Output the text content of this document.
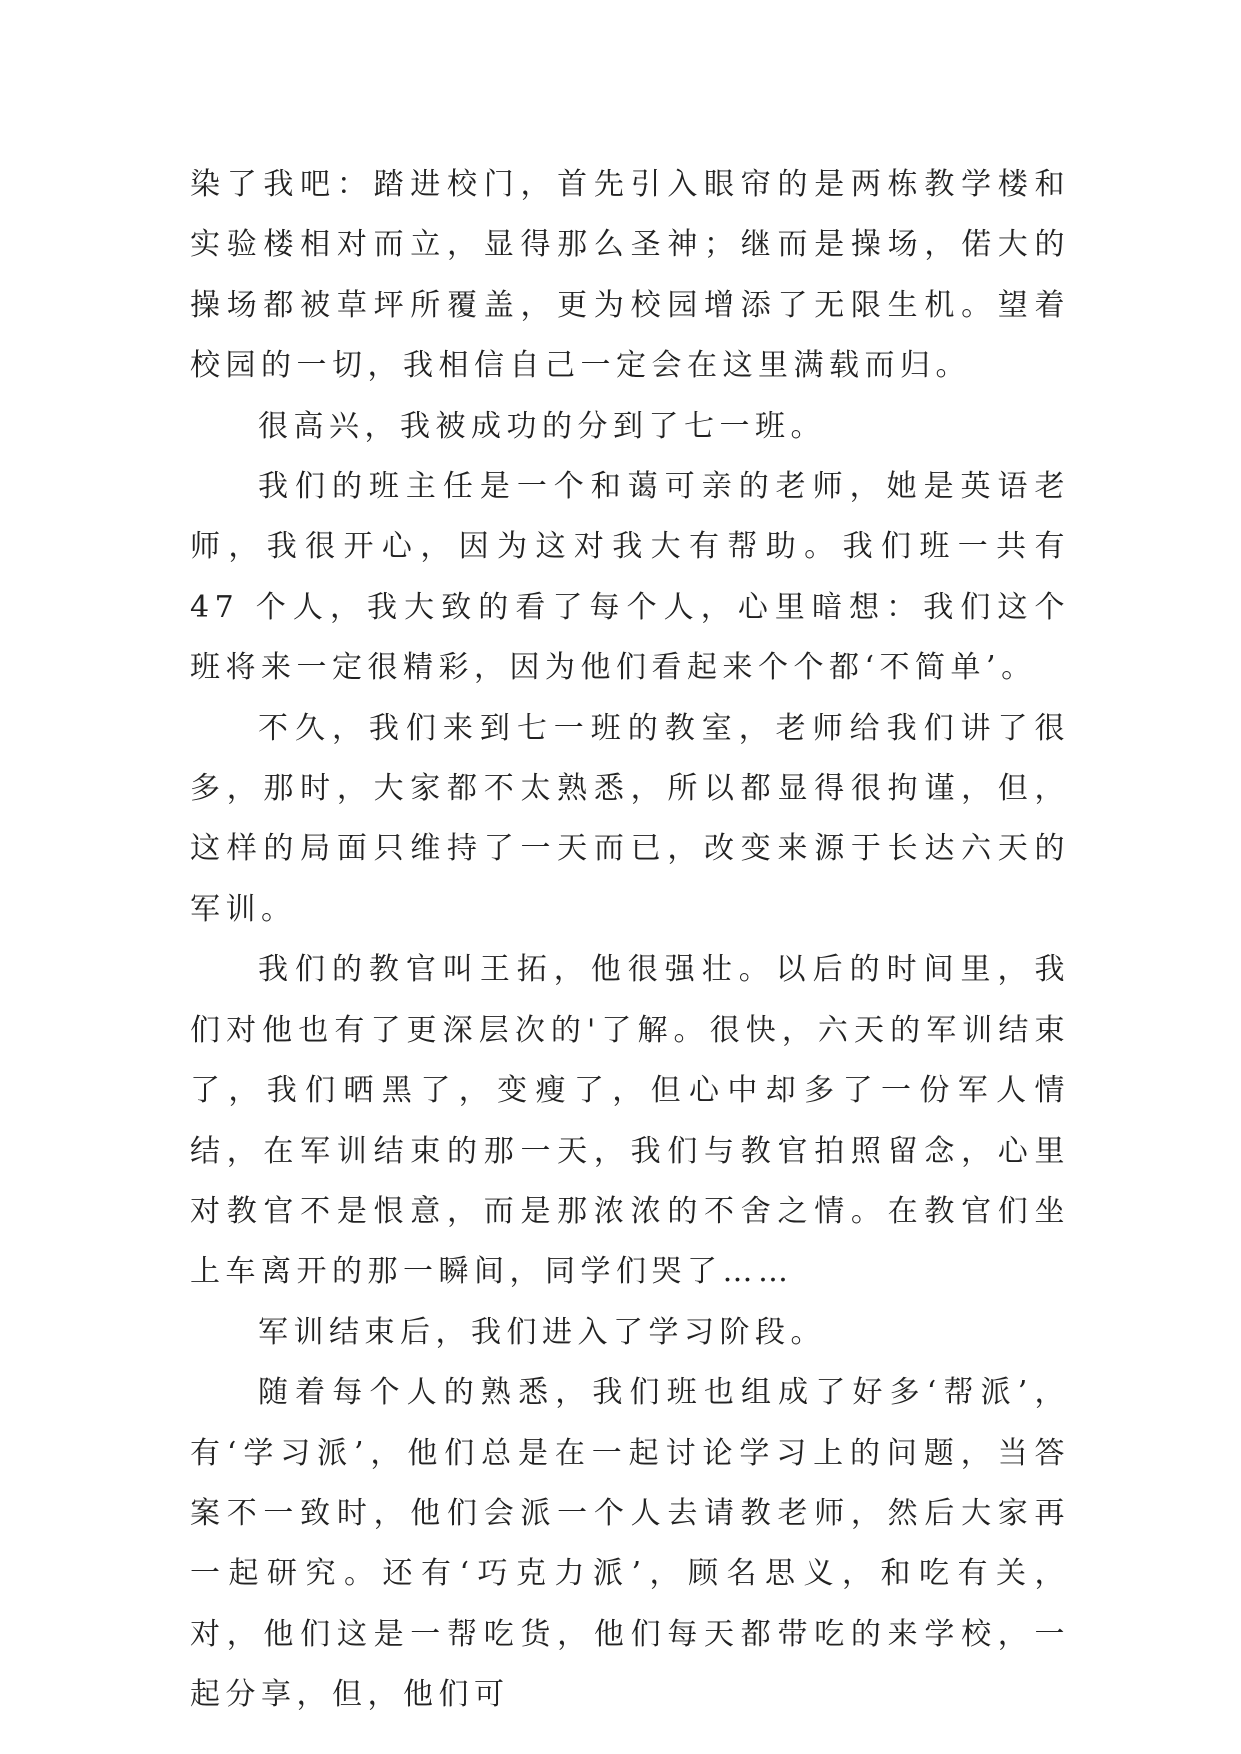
染了我吧：踏进校门，首先引入眼帘的是两栋教学楼和实验楼相对而立，显得那么圣神；继而是操场，偌大的操场都被草坪所覆盖，更为校园增添了无限生机。望着校园的一切，我相信自己一定会在这里满载而归。

很高兴，我被成功的分到了七一班。

我们的班主任是一个和蔼可亲的老师，她是英语老师，我很开心，因为这对我大有帮助。我们班一共有 47 个人，我大致的看了每个人，心里暗想：我们这个班将来一定很精彩，因为他们看起来个个都‘不简单’。

不久，我们来到七一班的教室，老师给我们讲了很多，那时，大家都不太熟悉，所以都显得很拘谨，但，这样的局面只维持了一天而已，改变来源于长达六天的军训。

我们的教官叫王拓，他很强壮。以后的时间里，我们对他也有了更深层次的'了解。很快，六天的军训结束了，我们晒黑了，变瘦了，但心中却多了一份军人情结，在军训结束的那一天，我们与教官拍照留念，心里对教官不是恨意，而是那浓浓的不舍之情。在教官们坐上车离开的那一瞬间，同学们哭了……

军训结束后，我们进入了学习阶段。

随着每个人的熟悉，我们班也组成了好多‘帮派’，有‘学习派’，他们总是在一起讨论学习上的问题，当答案不一致时，他们会派一个人去请教老师，然后大家再一起研究。还有‘巧克力派’，顾名思义，和吃有关，对，他们这是一帮吃货，他们每天都带吃的来学校，一起分享，但，他们可
